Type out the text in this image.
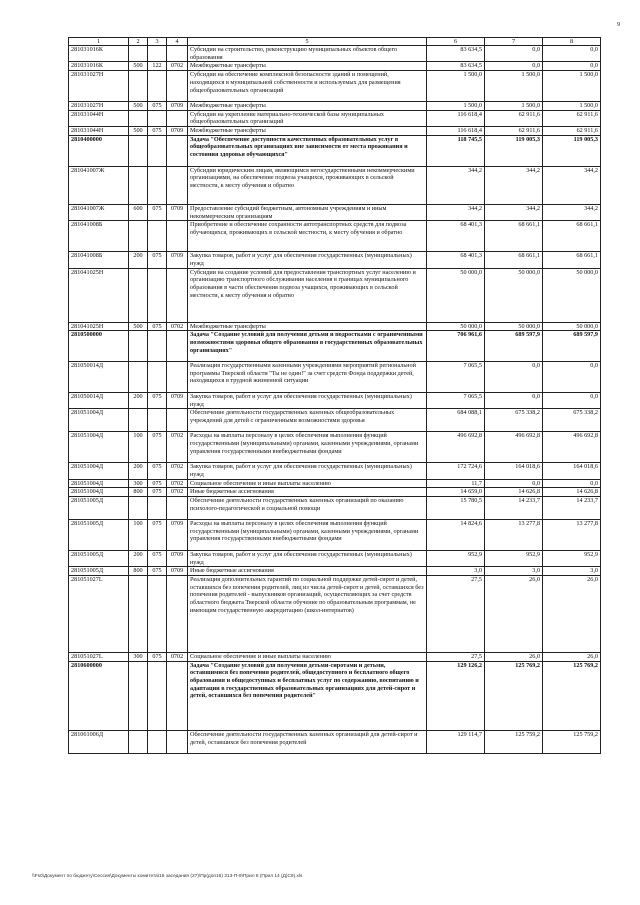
9
1	2	3	4	5	6	7	8
281031016К				Субсидии на строительство, реконструкцию муниципальных объектов общего образования	83 634,5	0,0	0,0
281031016К	500	122	0702	Межбюджетные трансферты	83 634,5	0,0	0,0
281031027Н				Субсидии на обеспечение комплексной безопасности зданий и помещений, находящихся в муниципальной собственности и используемых для размещения общеобразовательных организаций	1 500,0	1 500,0	1 500,0
281031027Н	500	075	0709	Межбюджетные трансферты	1 500,0	1 500,0	1 500,0
281031044Н				Субсидии на укрепление материально-технической базы муниципальных общеобразовательных организаций	116 618,4	62 911,6	62 911,6
281031044Н	500	075	0709	Межбюджетные трансферты	116 618,4	62 911,6	62 911,6
2810400000				Задача "Обеспечение доступности качественных образовательных услуг в общеобразовательных организациях вне зависимости от места проживания и состояния здоровья обучающихся"	118 745,5	119 005,3	119 005,3
281041007Ж				Субсидии юридическим лицам, являющимся негосударственными некоммерческими организациями, на обеспечение подвоза учащихся, проживающих в сельской местности, к месту обучения и обратно	344,2	344,2	344,2
281041007Ж	600	075	0709	Предоставление субсидий бюджетным, автономным учреждениям и иным некоммерческим организациям	344,2	344,2	344,2
281041008Б				Приобретение и обеспечение сохранности автотранспортных средств для подвоза обучающихся, проживающих в сельской местности, к месту обучения и обратно	68 401,3	68 661,1	68 661,1
281041008Б	200	075	0709	Закупка товаров, работ и услуг для обеспечения государственных (муниципальных) нужд	68 401,3	68 661,1	68 661,1
281041025Н				Субсидии на создание условий для предоставления транспортных услуг населению и организацию транспортного обслуживания населения в границах муниципального образования в части обеспечения подвоза учащихся, проживающих в сельской местности, к месту обучения и обратно	50 000,0	50 000,0	50 000,0
281041025Н	500	075	0702	Межбюджетные трансферты	50 000,0	50 000,0	50 000,0
2810500000				Задача "Создание условий для получения детьми и подростками с ограниченными возможностями здоровья общего образования в государственных образовательных организациях"	706 961,6	689 597,9	689 597,9
281050014Д				Реализация государственными казенными учреждениями мероприятий региональной программы Тверской области "Ты не один!" за счет средств Фонда поддержки детей, находящихся в трудной жизненной ситуации	7 065,5	0,0	0,0
281050014Д	200	075	0709	Закупка товаров, работ и услуг для обеспечения государственных (муниципальных) нужд	7 065,5	0,0	0,0
281051004Д				Обеспечение деятельности государственных казенных общеобразовательных учреждений для детей с ограниченными возможностями здоровья	684 088,1	675 338,2	675 338,2
281051004Д	100	075	0702	Расходы на выплаты персоналу в целях обеспечения выполнения функций государственными (муниципальными) органами, казенными учреждениями, органами управления государственными внебюджетными фондами	496 692,8	496 692,8	496 692,8
281051004Д	200	075	0702	Закупка товаров, работ и услуг для обеспечения государственных (муниципальных) нужд	172 724,6	164 018,6	164 018,6
281051004Д	300	075	0702	Социальное обеспечение и иные выплаты населению	11,7	0,0	0,0
281051004Д	800	075	0702	Иные бюджетные ассигнования	14 659,0	14 626,8	14 626,8
281051005Д				Обеспечение деятельности государственных казенных организаций по оказанию психолого-педагогической и социальной помощи	15 780,5	14 233,7	14 233,7
281051005Д	100	075	0709	Расходы на выплаты персоналу в целях обеспечения выполнения функций государственными (муниципальными) органами, казенными учреждениями, органами управления государственными внебюджетными фондами	14 824,6	13 277,8	13 277,8
281051005Д	200	075	0709	Закупка товаров, работ и услуг для обеспечения государственных (муниципальных) нужд	952,9	952,9	952,9
281051005Д	800	075	0709	Иные бюджетные ассигнования	3,0	3,0	3,0
281051027L				Реализация дополнительных гарантий по социальной поддержке детей-сирот и детей, оставшихся без попечения родителей, лиц из числа детей-сирот и детей, оставшихся без попечения родителей - выпускников организаций, осуществляющих за счет средств областного бюджета Тверской области обучение по образовательным программам, не имеющим государственную аккредитацию (школ-интернатов)	27,5	26,0	26,0
281051027L	300	075	0702	Социальное обеспечение и иные выплаты населению	27,5	26,0	26,0
2810600000				Задача "Создание условий для получения детьми-сиротами и детьми, оставшимися без попечения родителей, общедоступного и бесплатного общего образования и общедоступных и бесплатных услуг по содержанию, воспитанию и адаптации в государственных образовательных организациях для детей-сирот и детей, оставшихся без попечения родителей"	129 126,2	125 769,2	125 769,2
281061006Д				Обеспечение деятельности государственных казенных организаций для детей-сирот и детей, оставшихся без попечения родителей	129 114,7	125 759,2	125 759,2
\\Fs0\Документ по бюджету\Сессия\Документы комитета\16 заседания (27)\Пр(доп16) 313-П-9\Прил 8 (Прил 14 (Д)С9).xls
